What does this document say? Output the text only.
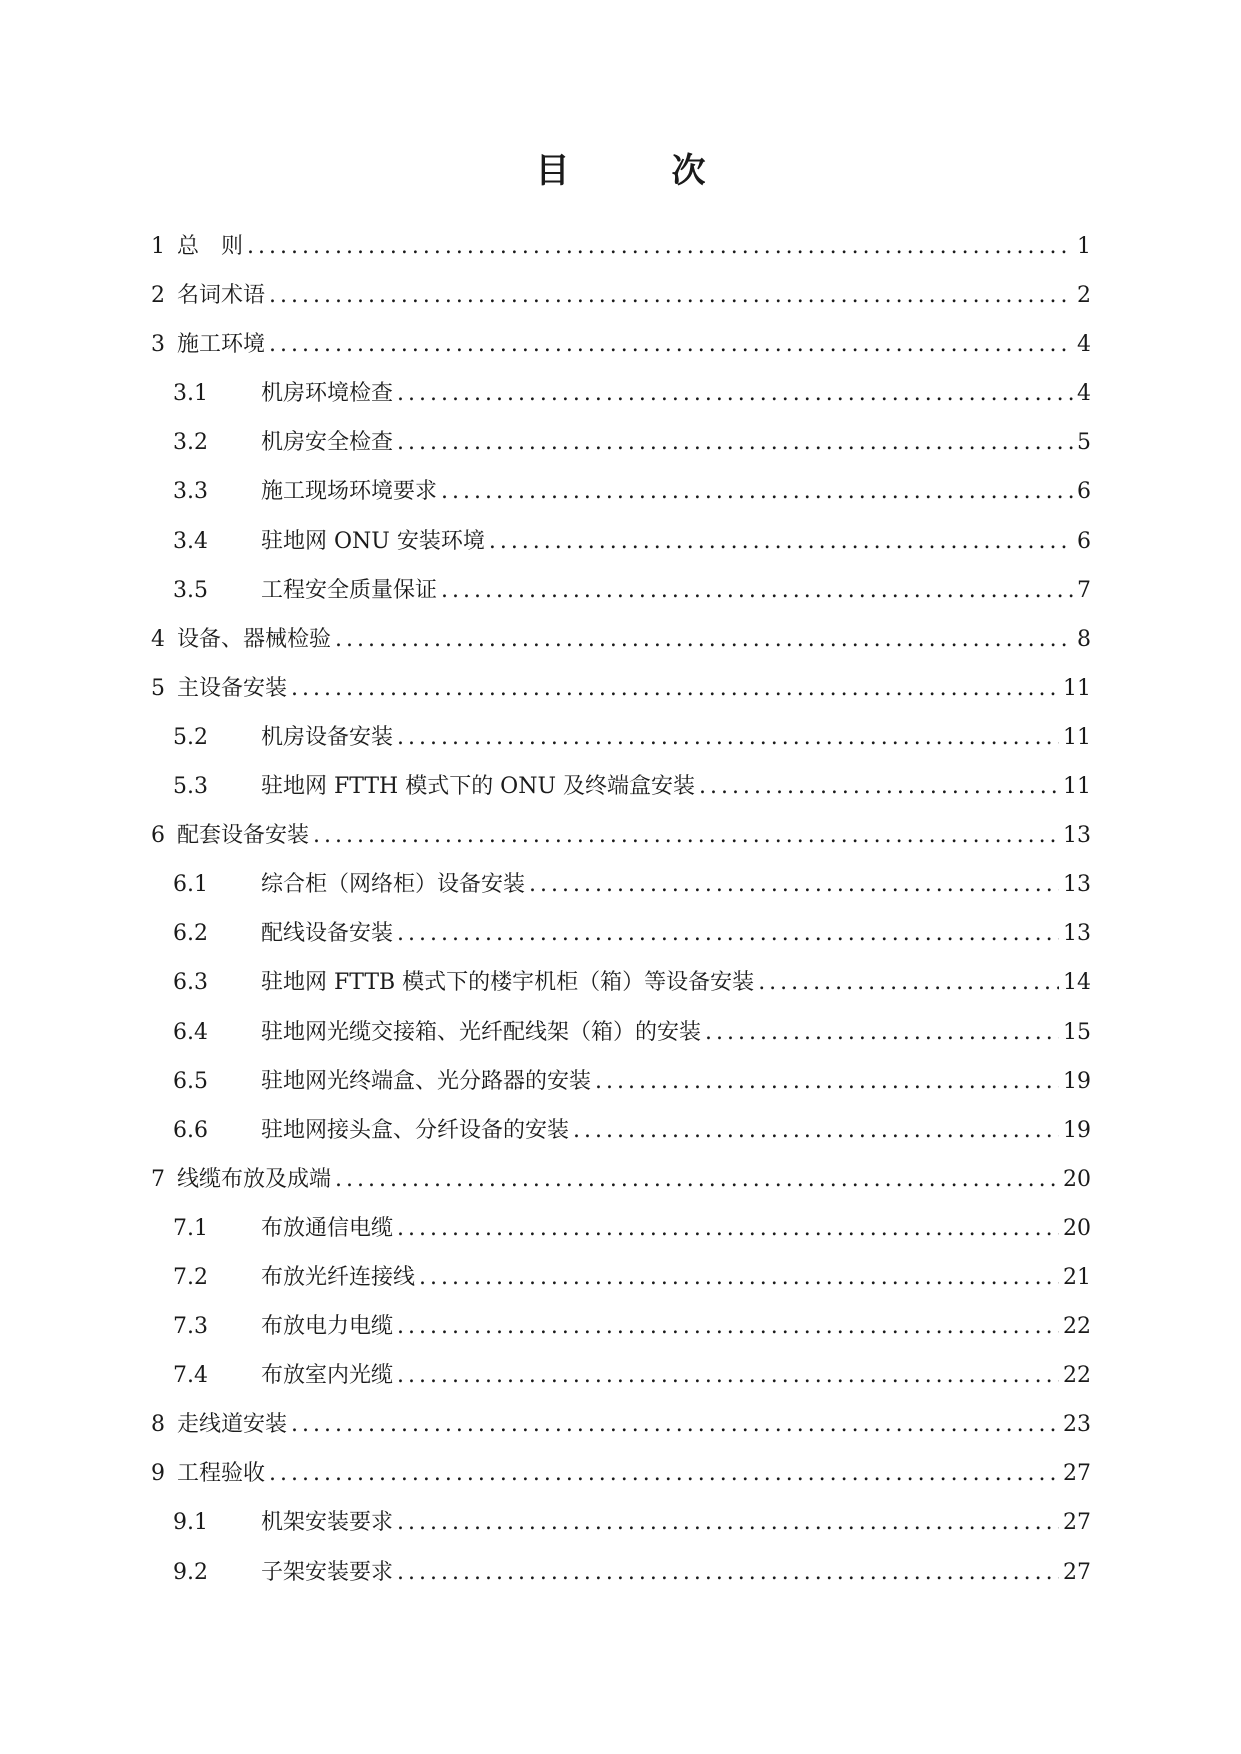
目　次
1 总　则 .....	1
2 名词术语 .....	2
3 施工环境 .....	4
3.1	机房环境检查 .....	4
3.2	机房安全检查 .....	5
3.3	施工现场环境要求 .....	6
3.4	驻地网 ONU 安装环境 .....	6
3.5	工程安全质量保证 .....	7
4 设备、器械检验 .....	8
5 主设备安装 .....	11
5.2	机房设备安装 .....	11
5.3	驻地网 FTTH 模式下的 ONU 及终端盒安装 .....	11
6 配套设备安装 .....	13
6.1	综合柜（网络柜）设备安装 .....	13
6.2	配线设备安装 .....	13
6.3	驻地网 FTTB 模式下的楼宇机柜（箱）等设备安装 .....	14
6.4	驻地网光缆交接箱、光纤配线架（箱）的安装 .....	15
6.5	驻地网光终端盒、光分路器的安装 .....	19
6.6	驻地网接头盒、分纤设备的安装 .....	19
7 线缆布放及成端 .....	20
7.1	布放通信电缆 .....	20
7.2	布放光纤连接线 .....	21
7.3	布放电力电缆 .....	22
7.4	布放室内光缆 .....	22
8 走线道安装 .....	23
9 工程验收 .....	27
9.1	机架安装要求 .....	27
9.2	子架安装要求 .....	27
